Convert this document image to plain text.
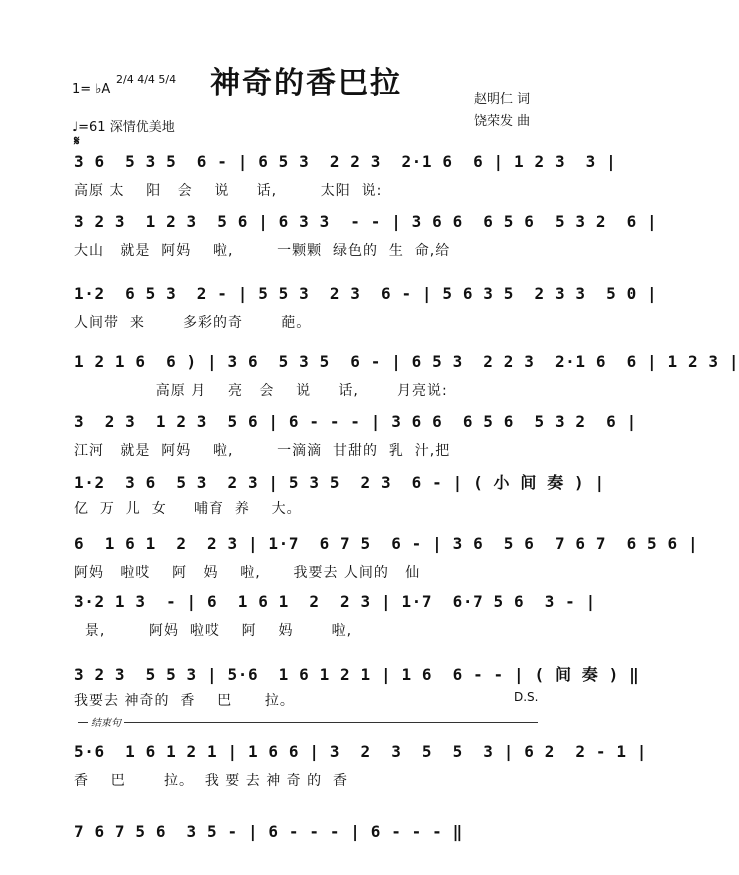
神奇的香巴拉
1= ♭A
2/4 4/4 5/4
♩=61 深情优美地
赵明仁 词
饶荣发 曲
𝄋
3 6  5 3 5  6 - | 6 5 3  2 2 3  2·1 6  6 | 1 2 3  3 |
高原 太    阳   会    说     话,        太阳  说:
3 2 3  1 2 3  5 6 | 6 3 3  - - | 3 6 6  6 5 6  5 3 2  6 |
大山   就是  阿妈    啦,        一颗颗  绿色的  生  命,给
1·2  6 5 3  2 - | 5 5 3  2 3  6 - | 5 6 3 5  2 3 3  5 0 |
人间带  来       多彩的奇       葩。
1 2 1 6  6 ) | 3 6  5 3 5  6 - | 6 5 3  2 2 3  2·1 6  6 | 1 2 3 |
高原 月    亮   会    说     话,       月亮说:
3  2 3  1 2 3  5 6 | 6 - - - | 3 6 6  6 5 6  5 3 2  6 |
江河   就是  阿妈    啦,        一滴滴  甘甜的  乳  汁,把
1·2  3 6  5 3  2 3 | 5 3 5  2 3  6 - | ( 小 间 奏 ) |
亿  万  儿  女     哺育  养    大。
6  1 6 1  2  2 3 | 1·7  6 7 5  6 - | 3 6  5 6  7 6 7  6 5 6 |
阿妈   啦哎    阿   妈    啦,      我要去 人间的   仙
3·2 1 3  - | 6  1 6 1  2  2 3 | 1·7  6·7 5 6  3 - |
景,        阿妈  啦哎    阿    妈       啦,
3 2 3  5 5 3 | 5·6  1 6 1 2 1 | 1 6  6 - - | ( 间 奏 ) ‖
我要去 神奇的  香    巴      拉。	D.S.
结束句
5·6  1 6 1 2 1 | 1 6 6 | 3  2  3  5  5  3 | 6 2  2 - 1 |
香    巴       拉。  我 要 去 神 奇 的  香
7 6 7 5 6  3 5 - | 6 - - - | 6 - - - ‖
